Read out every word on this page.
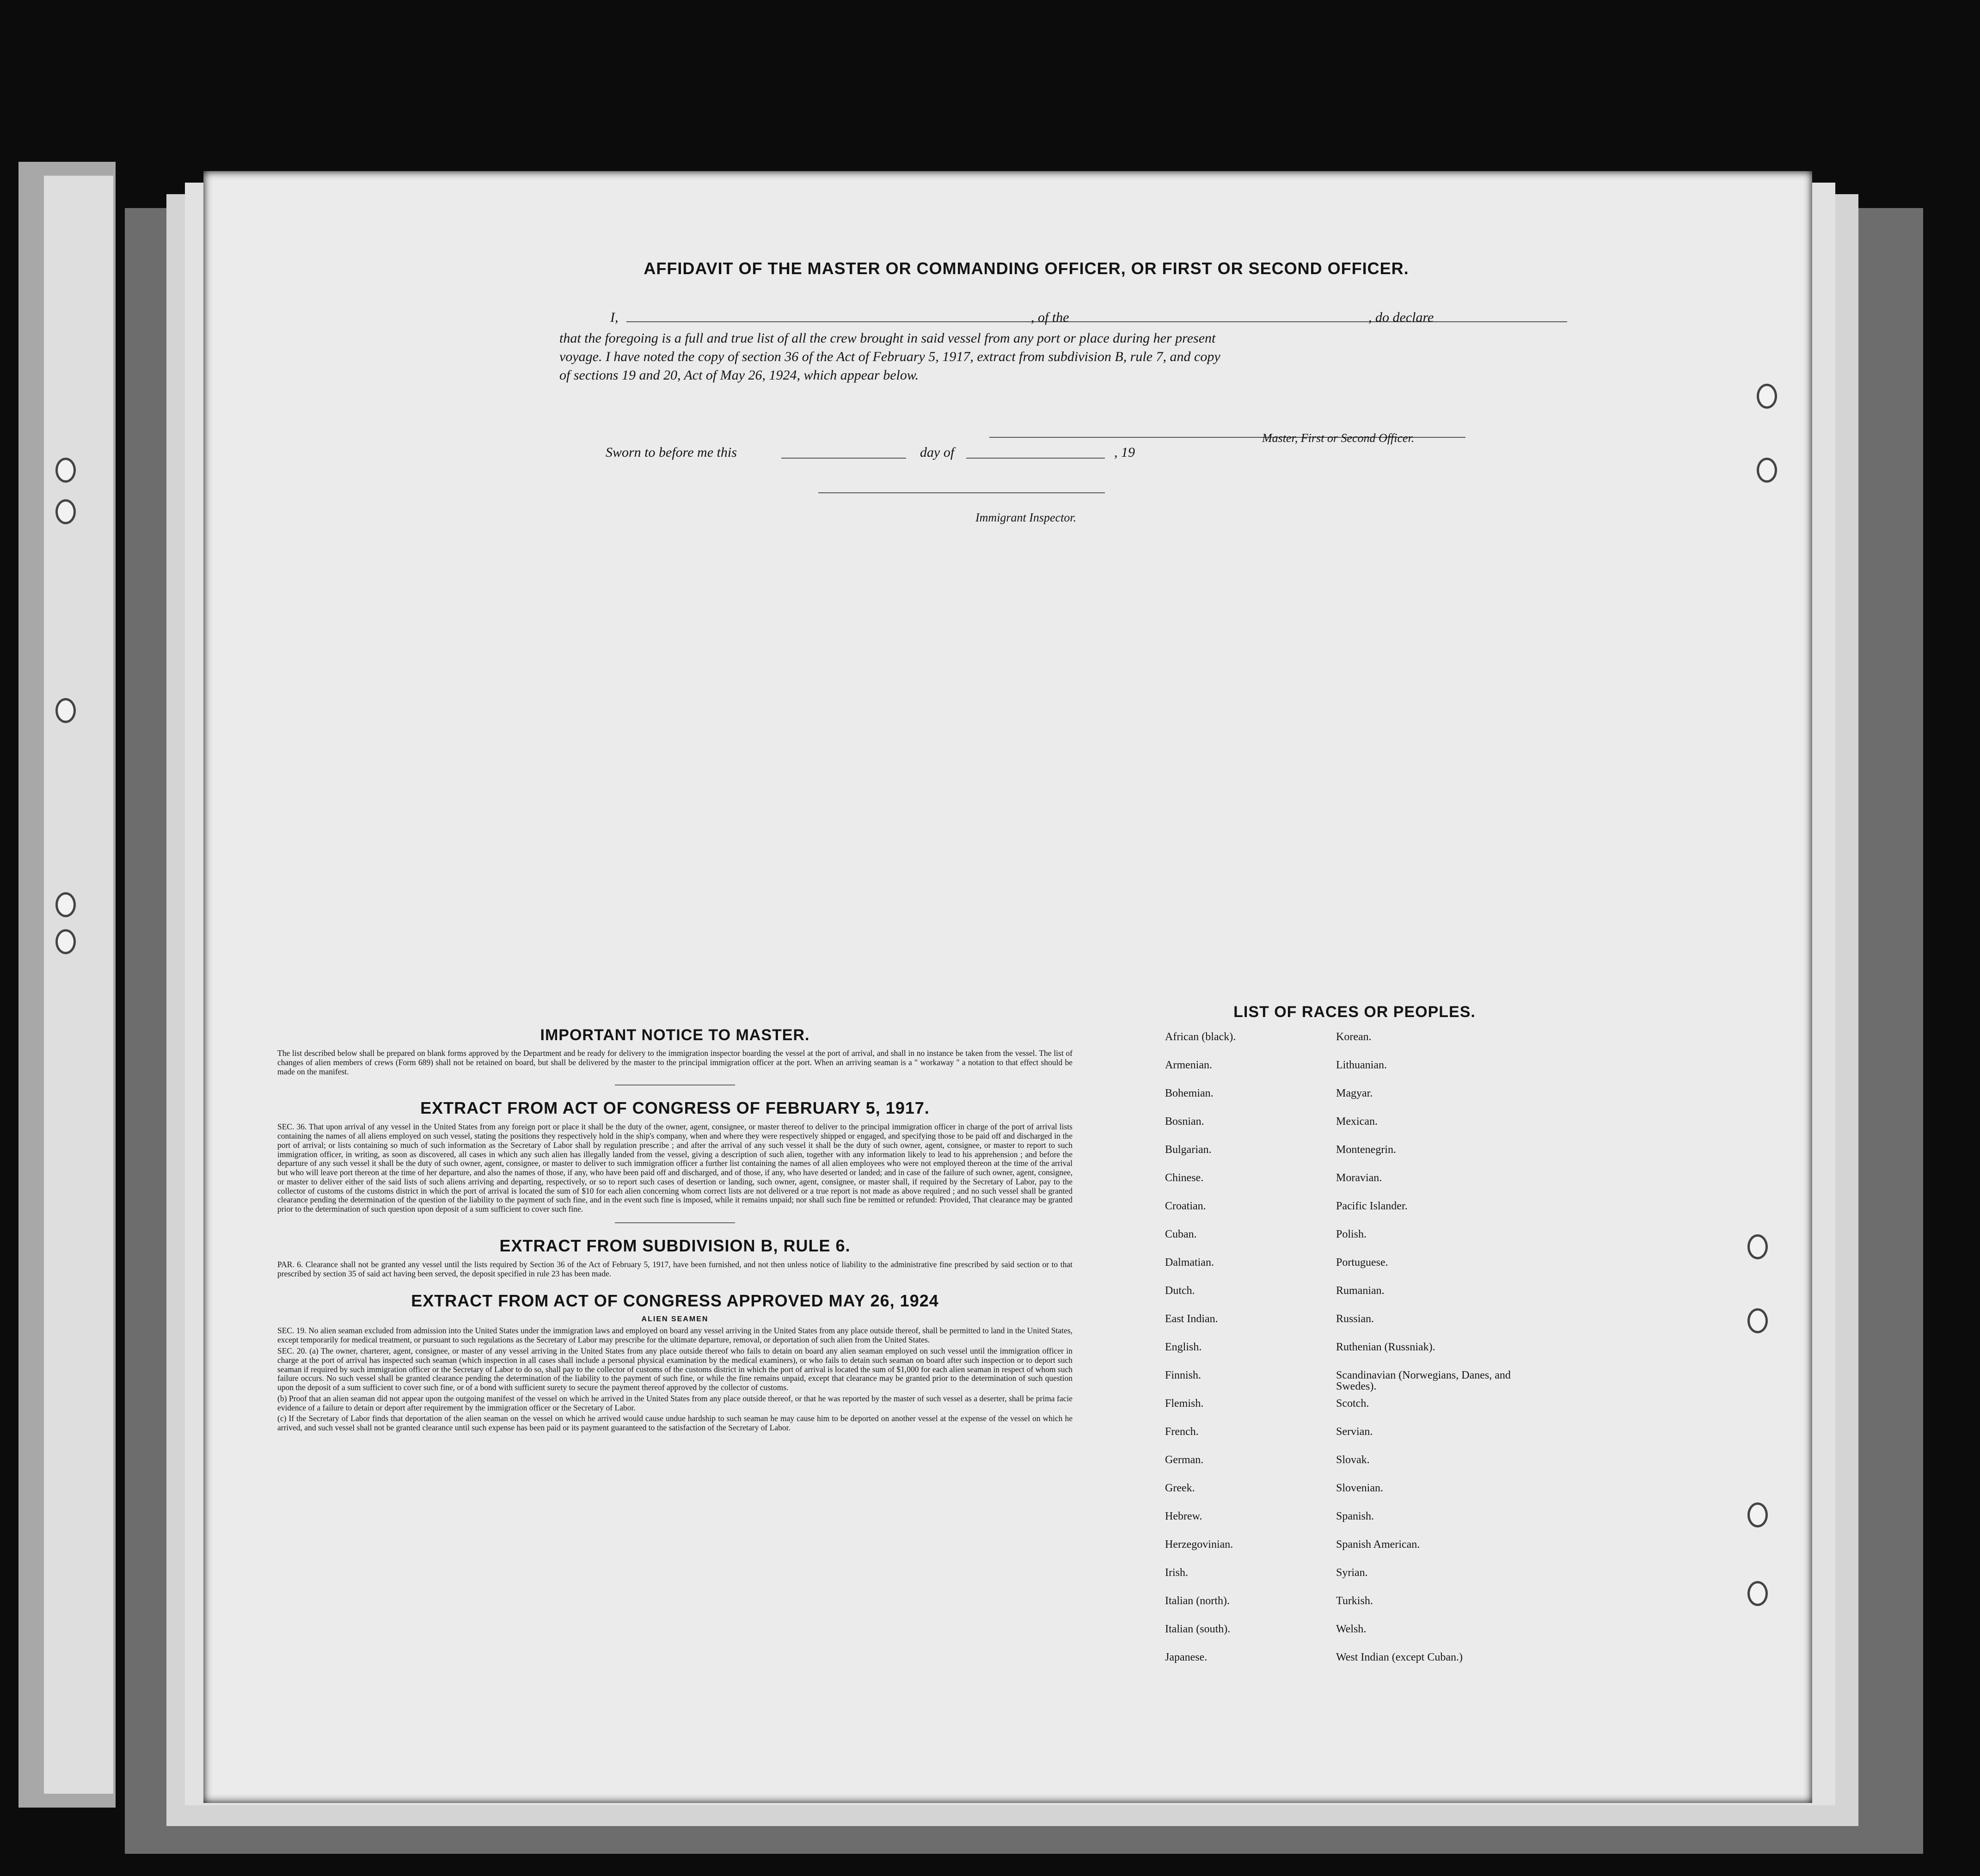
AFFIDAVIT OF THE MASTER OR COMMANDING OFFICER, OR FIRST OR SECOND OFFICER.
I,	, of the	, do declare
that the foregoing is a full and true list of all the crew brought in said vessel from any port or place during her present
voyage. I have noted the copy of section 36 of the Act of February 5, 1917, extract from subdivision B, rule 7, and copy
of sections 19 and 20, Act of May 26, 1924, which appear below.
Master, First or Second Officer.
Sworn to before me this	day of	, 19
Immigrant Inspector.
IMPORTANT NOTICE TO MASTER.

The list described below shall be prepared on blank forms approved by the Department and be ready for delivery to the immigration inspector boarding the vessel at the port of arrival, and shall in no instance be taken from the vessel. The list of changes of alien members of crews (Form 689) shall not be retained on board, but shall be delivered by the master to the principal immigration officer at the port. When an arriving seaman is a " workaway " a notation to that effect should be made on the manifest.

EXTRACT FROM ACT OF CONGRESS OF FEBRUARY 5, 1917.

SEC. 36. That upon arrival of any vessel in the United States from any foreign port or place it shall be the duty of the owner, agent, consignee, or master thereof to deliver to the principal immigration officer in charge of the port of arrival lists containing the names of all aliens employed on such vessel, stating the positions they respectively hold in the ship's company, when and where they were respectively shipped or engaged, and specifying those to be paid off and discharged in the port of arrival; or lists containing so much of such information as the Secretary of Labor shall by regulation prescribe ; and after the arrival of any such vessel it shall be the duty of such owner, agent, consignee, or master to report to such immigration officer, in writing, as soon as discovered, all cases in which any such alien has illegally landed from the vessel, giving a description of such alien, together with any information likely to lead to his apprehension ; and before the departure of any such vessel it shall be the duty of such owner, agent, consignee, or master to deliver to such immigration officer a further list containing the names of all alien employees who were not employed thereon at the time of the arrival but who will leave port thereon at the time of her departure, and also the names of those, if any, who have been paid off and discharged, and of those, if any, who have deserted or landed; and in case of the failure of such owner, agent, consignee, or master to deliver either of the said lists of such aliens arriving and departing, respectively, or so to report such cases of desertion or landing, such owner, agent, consignee, or master shall, if required by the Secretary of Labor, pay to the collector of customs of the customs district in which the port of arrival is located the sum of $10 for each alien concerning whom correct lists are not delivered or a true report is not made as above required ; and no such vessel shall be granted clearance pending the determination of the question of the liability to the payment of such fine, and in the event such fine is imposed, while it remains unpaid; nor shall such fine be remitted or refunded: Provided, That clearance may be granted prior to the determination of such question upon deposit of a sum sufficient to cover such fine.

EXTRACT FROM SUBDIVISION B, RULE 6.

PAR. 6. Clearance shall not be granted any vessel until the lists required by Section 36 of the Act of February 5, 1917, have been furnished, and not then unless notice of liability to the administrative fine prescribed by said section or to that prescribed by section 35 of said act having been served, the deposit specified in rule 23 has been made.

EXTRACT FROM ACT OF CONGRESS APPROVED MAY 26, 1924
ALIEN SEAMEN

SEC. 19. No alien seaman excluded from admission into the United States under the immigration laws and employed on board any vessel arriving in the United States from any place outside thereof, shall be permitted to land in the United States, except temporarily for medical treatment, or pursuant to such regulations as the Secretary of Labor may prescribe for the ultimate departure, removal, or deportation of such alien from the United States.

SEC. 20. (a) The owner, charterer, agent, consignee, or master of any vessel arriving in the United States from any place outside thereof who fails to detain on board any alien seaman employed on such vessel until the immigration officer in charge at the port of arrival has inspected such seaman (which inspection in all cases shall include a personal physical examination by the medical examiners), or who fails to detain such seaman on board after such inspection or to deport such seaman if required by such immigration officer or the Secretary of Labor to do so, shall pay to the collector of customs of the customs district in which the port of arrival is located the sum of $1,000 for each alien seaman in respect of whom such failure occurs. No such vessel shall be granted clearance pending the determination of the liability to the payment of such fine, or while the fine remains unpaid, except that clearance may be granted prior to the determination of such question upon the deposit of a sum sufficient to cover such fine, or of a bond with sufficient surety to secure the payment thereof approved by the collector of customs.

(b) Proof that an alien seaman did not appear upon the outgoing manifest of the vessel on which he arrived in the United States from any place outside thereof, or that he was reported by the master of such vessel as a deserter, shall be prima facie evidence of a failure to detain or deport after requirement by the immigration officer or the Secretary of Labor.

(c) If the Secretary of Labor finds that deportation of the alien seaman on the vessel on which he arrived would cause undue hardship to such seaman he may cause him to be deported on another vessel at the expense of the vessel on which he arrived, and such vessel shall not be granted clearance until such expense has been paid or its payment guaranteed to the satisfaction of the Secretary of Labor.

LIST OF RACES OR PEOPLES.
African (black).
Armenian.
Bohemian.
Bosnian.
Bulgarian.
Chinese.
Croatian.
Cuban.
Dalmatian.
Dutch.
East Indian.
English.
Finnish.
Flemish.
French.
German.
Greek.
Hebrew.
Herzegovinian.
Irish.
Italian (north).
Italian (south).
Japanese.
Korean.
Lithuanian.
Magyar.
Mexican.
Montenegrin.
Moravian.
Pacific Islander.
Polish.
Portuguese.
Rumanian.
Russian.
Ruthenian (Russniak).
Scandinavian (Norwegians, Danes, and Swedes).
Scotch.
Servian.
Slovak.
Slovenian.
Spanish.
Spanish American.
Syrian.
Turkish.
Welsh.
West Indian (except Cuban.)
